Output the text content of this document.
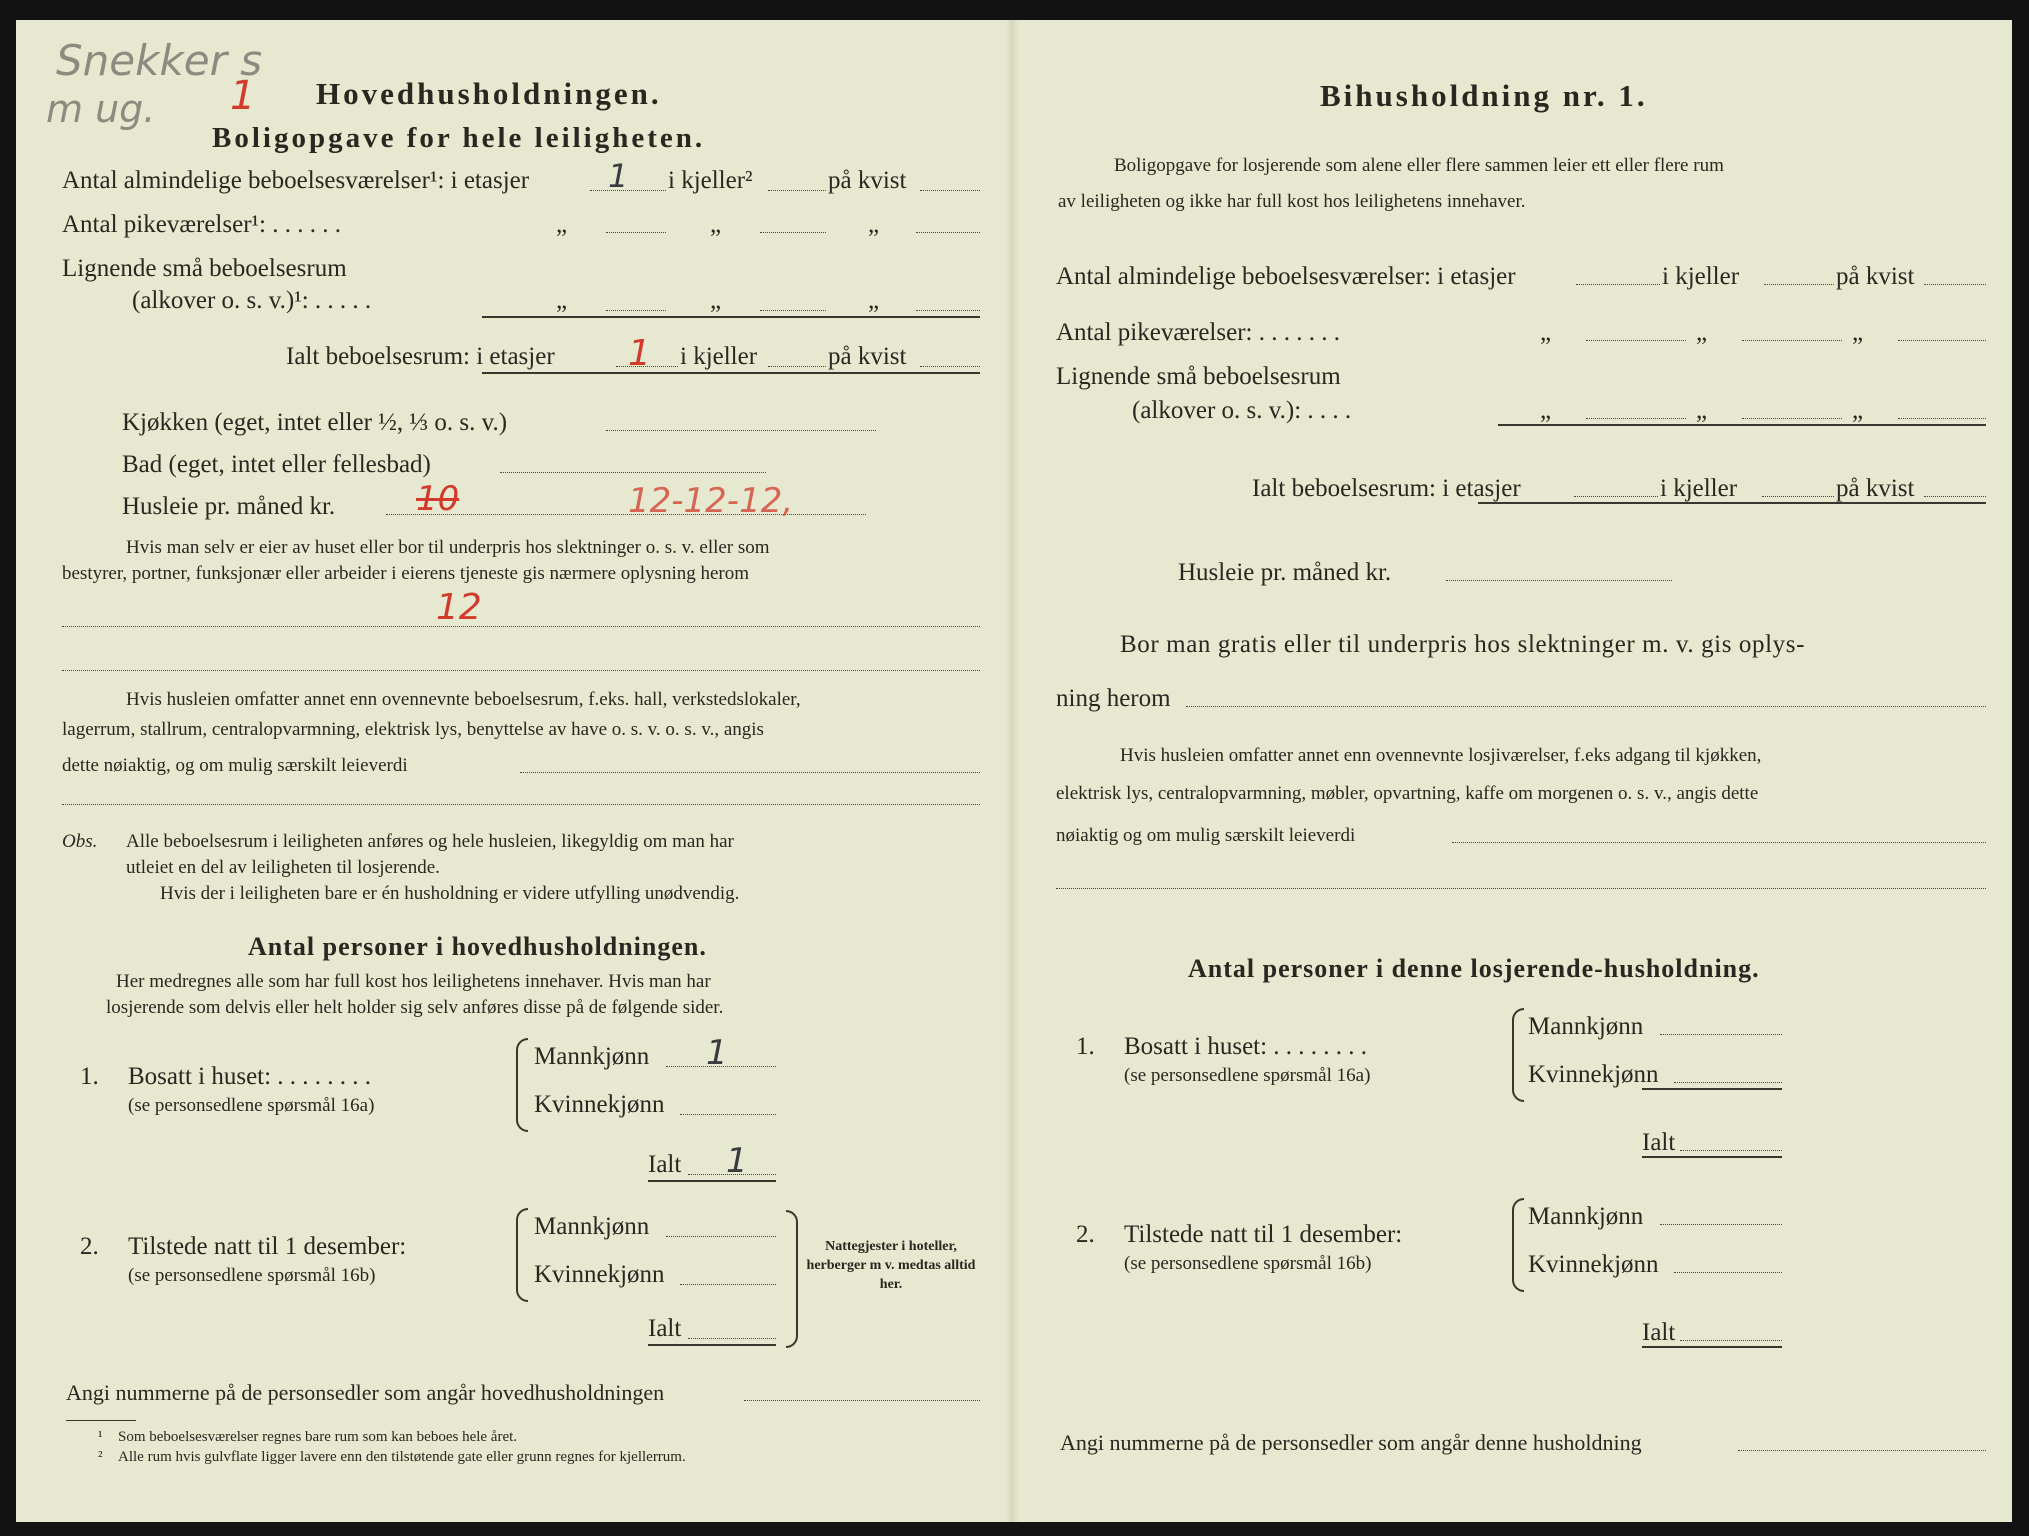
Snekker s
m ug. 1 Hovedhusholdningen.
Boligopgave for hele leiligheten.
Antal almindelige beboelsesværelser¹: i etasjer 1 i kjeller²	på kvist
Antal pikeværelser¹: . . . . . .	„	„	„
Lignende små beboelsesrum
(alkover o. s. v.)¹: . . . . .	„	„	„
Ialt beboelsesrum: i etasjer 1 i kjeller	på kvist
Kjøkken (eget, intet eller ½, ⅓ o. s. v.)
Bad (eget, intet eller fellesbad)
Husleie pr. måned kr. 10	12-12-12,
Hvis man selv er eier av huset eller bor til underpris hos slektninger o. s. v. eller som
bestyrer, portner, funksjonær eller arbeider i eierens tjeneste gis nærmere oplysning herom
12
Hvis husleien omfatter annet enn ovennevnte beboelsesrum, f.eks. hall, verkstedslokaler,
lagerrum, stallrum, centralopvarmning, elektrisk lys, benyttelse av have o. s. v. o. s. v., angis
dette nøiaktig, og om mulig særskilt leieverdi
Obs. Alle beboelsesrum i leiligheten anføres og hele husleien, likegyldig om man har
utleiet en del av leiligheten til losjerende.
Hvis der i leiligheten bare er én husholdning er videre utfylling unødvendig.
Antal personer i hovedhusholdningen.
Her medregnes alle som har full kost hos leilighetens innehaver. Hvis man har
losjerende som delvis eller helt holder sig selv anføres disse på de følgende sider.
1. Bosatt i huset: . . . . . . . .
(se personsedlene spørsmål 16a)
Mannkjønn 1
Kvinnekjønn
Ialt 1
2. Tilstede natt til 1 desember:
(se personsedlene spørsmål 16b)
Mannkjønn
Kvinnekjønn
Ialt
Nattegjester i hoteller, herberger m v. medtas alltid her.
Angi nummerne på de personsedler som angår hovedhusholdningen
¹ Som beboelsesværelser regnes bare rum som kan beboes hele året.
² Alle rum hvis gulvflate ligger lavere enn den tilstøtende gate eller grunn regnes for kjellerrum.
Bihusholdning nr. 1.
Boligopgave for losjerende som alene eller flere sammen leier ett eller flere rum
av leiligheten og ikke har full kost hos leilighetens innehaver.
Antal almindelige beboelsesværelser: i etasjer	i kjeller	på kvist
Antal pikeværelser: . . . . . . .	„	„	„
Lignende små beboelsesrum
(alkover o. s. v.): . . . .	„	„	„
Ialt beboelsesrum: i etasjer	i kjeller	på kvist
Husleie pr. måned kr.
Bor man gratis eller til underpris hos slektninger m. v. gis oplys-
ning herom
Hvis husleien omfatter annet enn ovennevnte losjiværelser, f.eks adgang til kjøkken,
elektrisk lys, centralopvarmning, møbler, opvartning, kaffe om morgenen o. s. v., angis dette
nøiaktig og om mulig særskilt leieverdi
Antal personer i denne losjerende-husholdning.
1. Bosatt i huset: . . . . . . . .
(se personsedlene spørsmål 16a)
Mannkjønn
Kvinnekjønn
Ialt
2. Tilstede natt til 1 desember:
(se personsedlene spørsmål 16b)
Mannkjønn
Kvinnekjønn
Ialt
Angi nummerne på de personsedler som angår denne husholdning
